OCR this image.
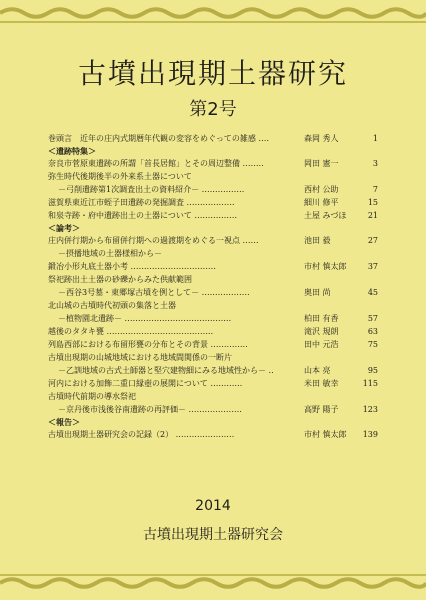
古墳出現期土器研究
第2号
巻頭言　近年の庄内式期暦年代観の変容をめぐっての雑感 ‥‥	森岡 秀人	1
＜遺跡特集＞
奈良市菅原東遺跡の所謂「首長居館」とその周辺整備 ‥‥‥‥	岡田 憲一	3
弥生時代後期後半の外来系土器について
－弓削遺跡第1次調査出土の資料紹介－ ‥‥‥‥‥‥‥‥	西村 公助	7
滋賀県東近江市蛭子田遺跡の発掘調査 ‥‥‥‥‥‥‥‥‥	細川 修平	15
和泉寺跡・府中遺跡出土の土器について ‥‥‥‥‥‥‥‥	土屋 みづほ	21
＜論考＞
庄内併行期から布留併行期への過渡期をめぐる一視点 ‥‥‥	池田 毅	27
－摂播地域の土器様相から－
鍛冶小形丸底土器小考 ‥‥‥‥‥‥‥‥‥‥‥‥‥‥‥‥	市村 慎太郎	37
祭祀跡出土土器の砂礫からみた供献範囲
－西谷3号墓・東郷塚古墳を例として－ ‥‥‥‥‥‥‥‥‥	奥田 尚	45
北山城の古墳時代初頭の集落と土器
－植物園北遺跡－ ‥‥‥‥‥‥‥‥‥‥‥‥‥‥‥‥‥‥‥‥	柏田 有香	57
越後のタタキ甕 ‥‥‥‥‥‥‥‥‥‥‥‥‥‥‥‥‥‥‥‥	滝沢 規朗	63
列島西部における布留形甕の分布とその背景 ‥‥‥‥‥‥‥	田中 元浩	75
古墳出現期の山城地域における地域間関係の一断片
－乙訓地域の古式土師器と堅穴建物細にみる地域性から－ ‥	山本 亮	95
河内における加飾二重口縁壺の展開について ‥‥‥‥‥‥	米田 敏幸	115
古墳時代前期の導水祭祀
－京丹後市浅後谷南遺跡の再評価－ ‥‥‥‥‥‥‥‥‥‥	高野 陽子	123
＜報告＞
古墳出現期土器研究会の記録（2） ‥‥‥‥‥‥‥‥‥‥‥	市村 慎太郎	139
2014
古墳出現期土器研究会
